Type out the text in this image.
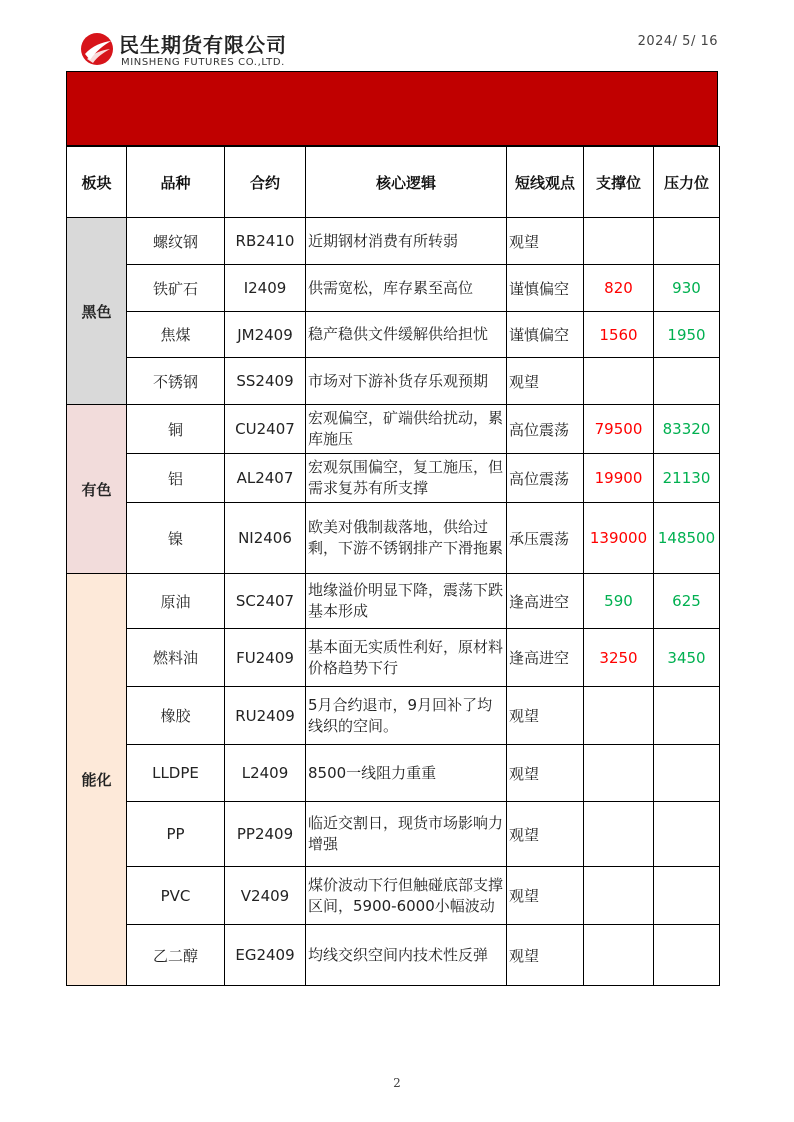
民生期货有限公司
MINSHENG FUTURES CO.,LTD.
2024/ 5/ 16
板块	品种	合约	核心逻辑	短线观点	支撑位	压力位
黑色	螺纹钢	RB2410	近期钢材消费有所转弱	观望		
	铁矿石	I2409	供需宽松，库存累至高位	谨慎偏空	820	930
	焦煤	JM2409	稳产稳供文件缓解供给担忧	谨慎偏空	1560	1950
	不锈钢	SS2409	市场对下游补货存乐观预期	观望		
有色	铜	CU2407	宏观偏空，矿端供给扰动，累库施压	高位震荡	79500	83320
	铝	AL2407	宏观氛围偏空，复工施压，但需求复苏有所支撑	高位震荡	19900	21130
	镍	NI2406	欧美对俄制裁落地，供给过剩，下游不锈钢排产下滑拖累	承压震荡	139000	148500
能化	原油	SC2407	地缘溢价明显下降，震荡下跌基本形成	逢高进空	590	625
	燃料油	FU2409	基本面无实质性利好，原材料价格趋势下行	逢高进空	3250	3450
	橡胶	RU2409	5月合约退市，9月回补了均线织的空间。	观望		
	LLDPE	L2409	8500一线阻力重重	观望		
	PP	PP2409	临近交割日，现货市场影响力增强	观望		
	PVC	V2409	煤价波动下行但触碰底部支撑区间，5900-6000小幅波动	观望		
	乙二醇	EG2409	均线交织空间内技术性反弹	观望		
2
